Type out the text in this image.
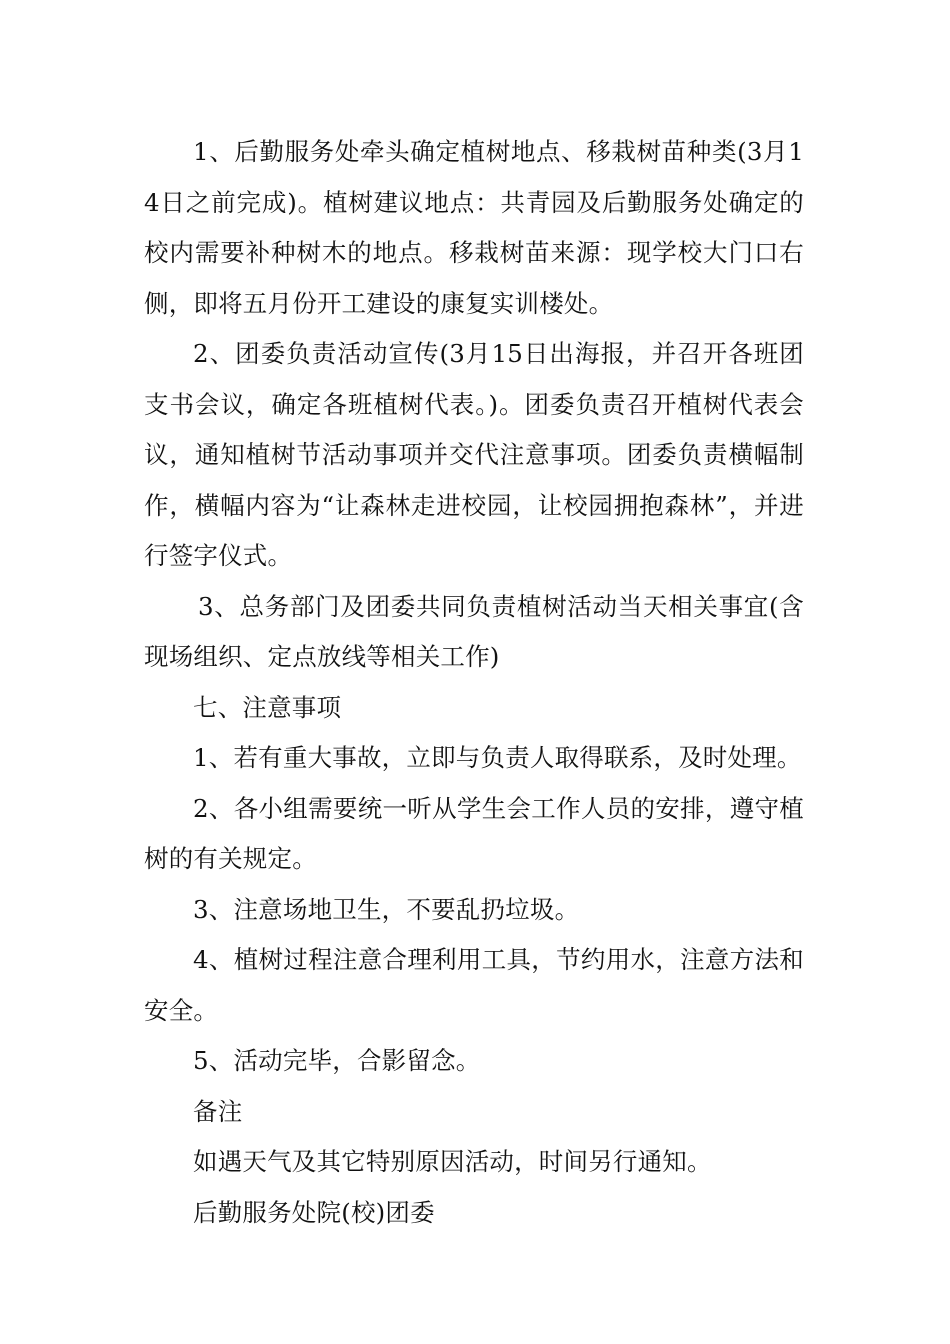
1、后勤服务处牵头确定植树地点、移栽树苗种类(3月14日之前完成)。植树建议地点：共青园及后勤服务处确定的校内需要补种树木的地点。移栽树苗来源：现学校大门口右侧，即将五月份开工建设的康复实训楼处。

2、团委负责活动宣传(3月15日出海报，并召开各班团支书会议，确定各班植树代表。)。团委负责召开植树代表会议，通知植树节活动事项并交代注意事项。团委负责横幅制作，横幅内容为“让森林走进校园，让校园拥抱森林”，并进行签字仪式。

3、总务部门及团委共同负责植树活动当天相关事宜(含现场组织、定点放线等相关工作)

七、注意事项

1、若有重大事故，立即与负责人取得联系，及时处理。

2、各小组需要统一听从学生会工作人员的安排，遵守植树的有关规定。

3、注意场地卫生，不要乱扔垃圾。

4、植树过程注意合理利用工具，节约用水，注意方法和安全。

5、活动完毕，合影留念。

备注

如遇天气及其它特别原因活动，时间另行通知。

后勤服务处院(校)团委
